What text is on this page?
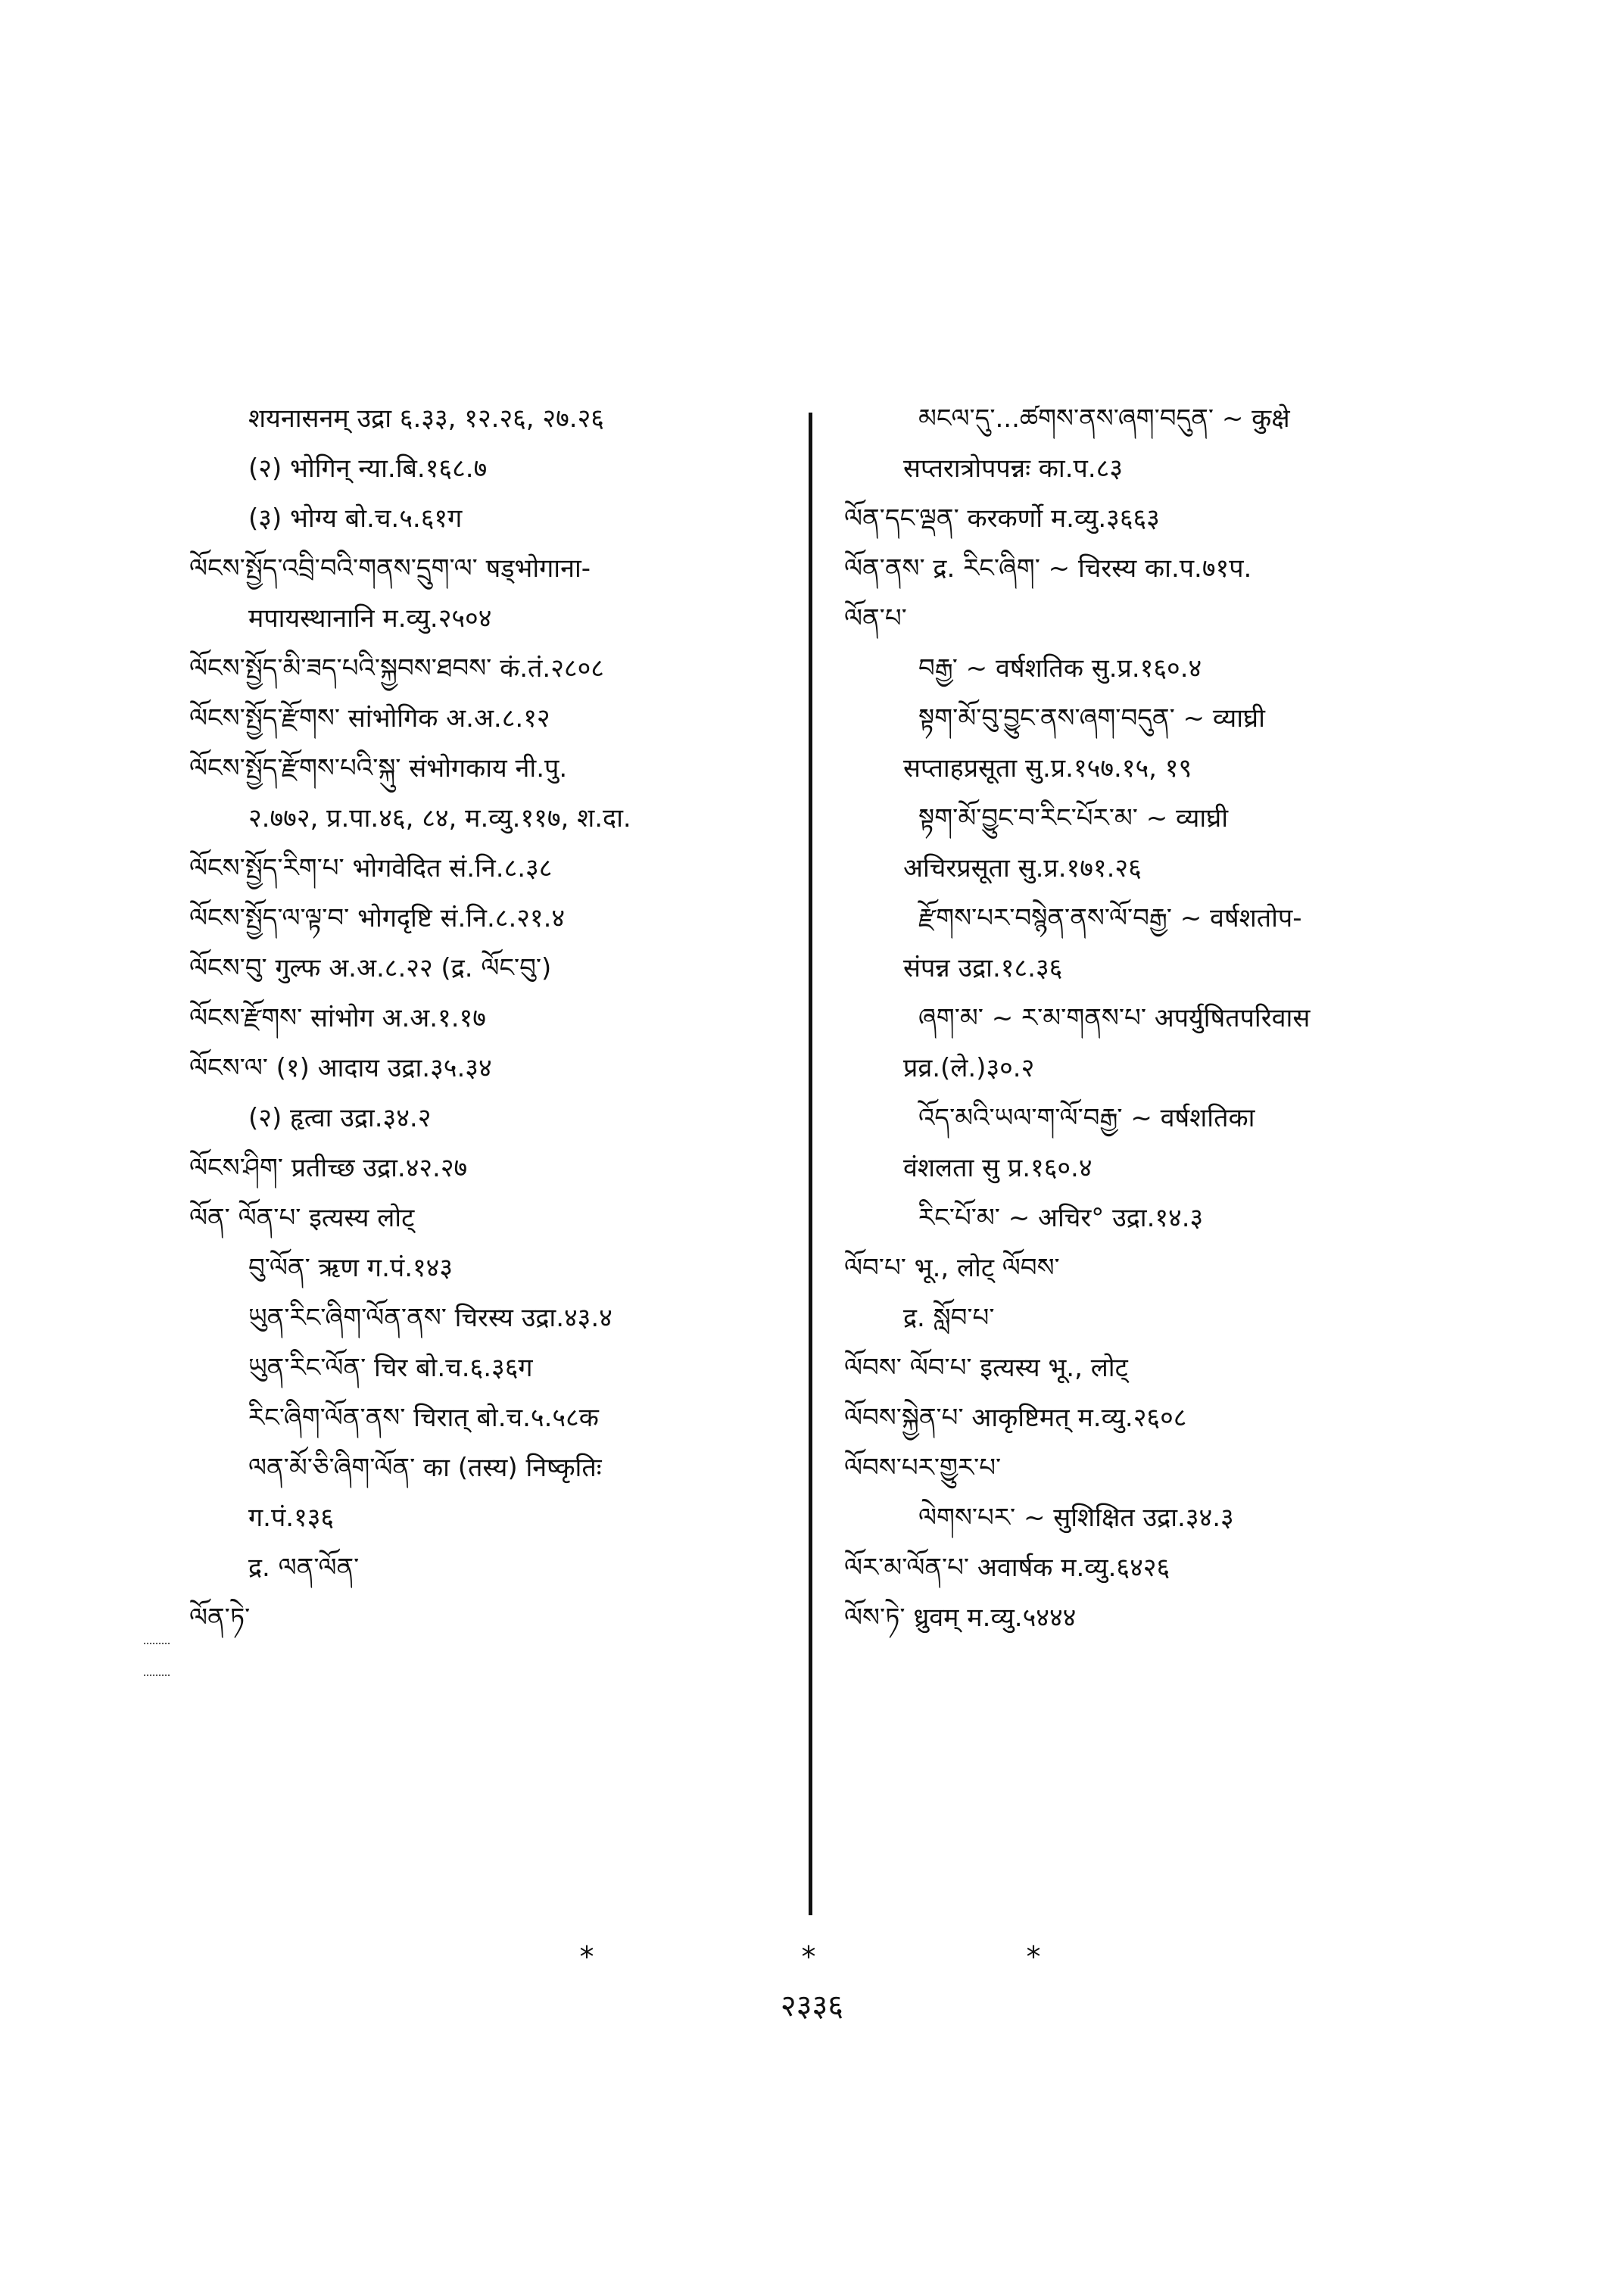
शयनासनम् उद्रा ६.३३, १२.२६, २७.२६
(२) भोगिन् न्या.बि.१६८.७
(३) भोग्य बो.च.५.६१ग
ལོངས་སྤྱོད་འབྲི་བའི་གནས་དྲུག་ལ་ षड्भोगाना-
मपायस्थानानि म.व्यु.२५०४
ལོངས་སྤྱོད་མི་ཟད་པའི་སྐྱབས་ཐབས་ कं.तं.२८०८
ལོངས་སྤྱོད་རྫོགས་ सांभोगिक अ.अ.८.१२
ལོངས་སྤྱོད་རྫོགས་པའི་སྐུ་ संभोगकाय नी.पु.
२.७७२, प्र.पा.४६, ८४, म.व्यु.११७, श.दा.
ལོངས་སྤྱོད་རིག་པ་ भोगवेदित सं.नि.८.३८
ལོངས་སྤྱོད་ལ་ལྟ་བ་ भोगदृष्टि सं.नि.८.२१.४
ལོངས་བུ་ गुल्फ अ.अ.८.२२ (द्र. ལོང་བུ་)
ལོངས་རྫོགས་ सांभोग अ.अ.१.१७
ལོངས་ལ་ (१) आदाय उद्रा.३५.३४
(२) हृत्वा उद्रा.३४.२
ལོངས་ཤིག་ प्रतीच्छ उद्रा.४२.२७
ལོན་ ལོན་པ་ इत्यस्य लोट्
བུ་ལོན་ ऋण ग.पं.१४३
ཡུན་རིང་ཞིག་ལོན་ནས་ चिरस्य उद्रा.४३.४
ཡུན་རིང་ལོན་ चिर बो.च.६.३६ग
རིང་ཞིག་ལོན་ནས་ चिरात् बो.च.५.५८क
ལན་མོ་ཅི་ཞིག་ལོན་ का (तस्य) निष्कृतिः
ग.पं.१३६
द्र. ལན་ལོན་
ལོན་ཏེ་
མངལ་དུ་...ཚགས་ནས་ཞག་བདུན་ ~ कुक्षे
सप्तरात्रोपपन्नः का.प.८३
ལོན་དང་ལྡན་ करकर्णो म.व्यु.३६६३
ལོན་ནས་ द्र. རིང་ཞིག་ ~ चिरस्य का.प.७१प.
ལོན་པ་
བརྒྱ་ ~ वर्षशतिक सु.प्र.१६०.४
སྟག་མོ་བུ་བྱུང་ནས་ཞག་བདུན་ ~ व्याघ्री
सप्ताहप्रसूता सु.प्र.१५७.१५, १९
སྟག་མོ་བྱུང་བ་རིང་པོར་མ་ ~ व्याघ्री
अचिरप्रसूता सु.प्र.१७१.२६
རྫོགས་པར་བསྙེན་ནས་ལོ་བརྒྱ་ ~ वर्षशतोप-
संपन्न उद्रा.१८.३६
ཞག་མ་ ~ ར་མ་གནས་པ་ अपर्युषितपरिवास
प्रव्र.(ले.)३०.२
འོད་མའི་ཡལ་ག་ལོ་བརྒྱ་ ~ वर्षशतिका
वंशलता सु प्र.१६०.४
རིང་པོ་མ་ ~ अचिर° उद्रा.१४.३
ལོབ་པ་ भू., लोट् ལོབས་
द्र. སློབ་པ་
ལོབས་ ལོབ་པ་ इत्यस्य भू., लोट्
ལོབས་སྐྱེན་པ་ आकृष्टिमत् म.व्यु.२६०८
ལོབས་པར་གྱུར་པ་
ལེགས་པར་ ~ सुशिक्षित उद्रा.३४.३
ལོར་མ་ལོན་པ་ अवार्षक म.व्यु.६४२६
ལོས་ཏེ་ ध्रुवम् म.व्यु.५४४४
*	*	*
२३३६
